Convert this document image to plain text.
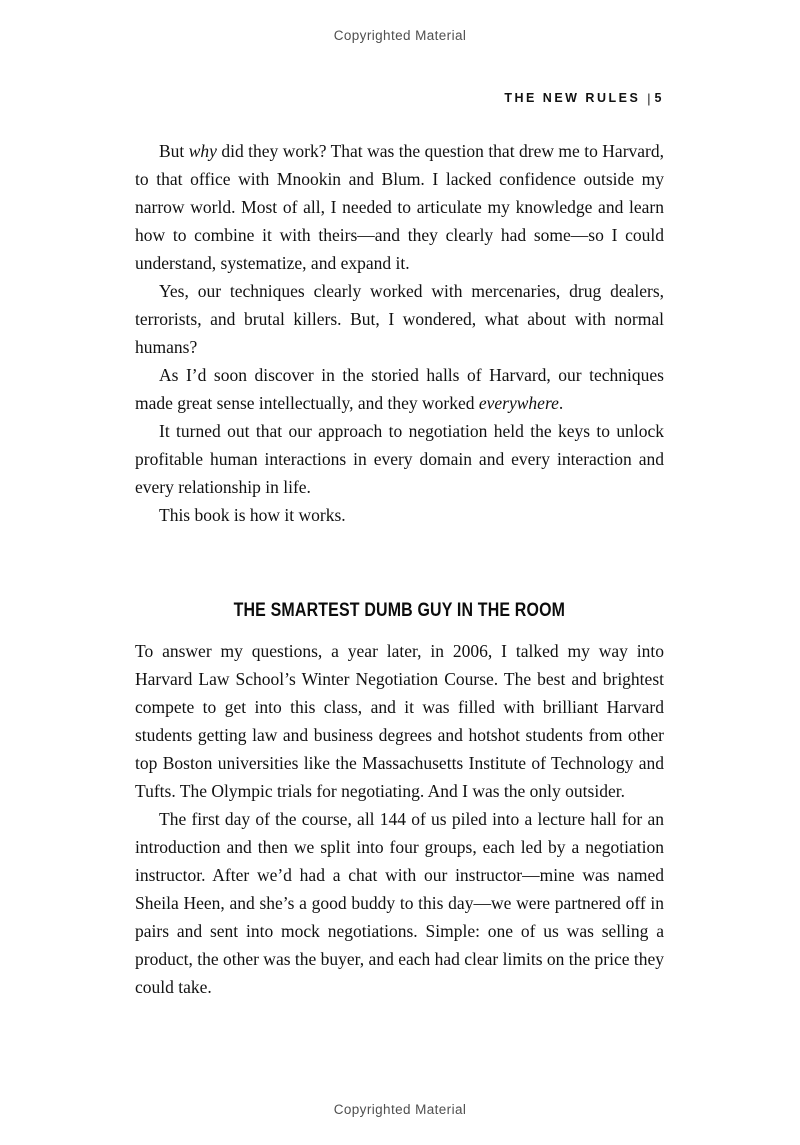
Copyrighted Material
THE NEW RULES | 5

But why did they work? That was the question that drew me to Harvard, to that office with Mnookin and Blum. I lacked confidence outside my narrow world. Most of all, I needed to articulate my knowledge and learn how to combine it with theirs—and they clearly had some—so I could understand, systematize, and expand it.

Yes, our techniques clearly worked with mercenaries, drug dealers, terrorists, and brutal killers. But, I wondered, what about with normal humans?

As I’d soon discover in the storied halls of Harvard, our techniques made great sense intellectually, and they worked everywhere.

It turned out that our approach to negotiation held the keys to unlock profitable human interactions in every domain and every interaction and every relationship in life.

This book is how it works.

THE SMARTEST DUMB GUY IN THE ROOM

To answer my questions, a year later, in 2006, I talked my way into Harvard Law School’s Winter Negotiation Course. The best and brightest compete to get into this class, and it was filled with brilliant Harvard students getting law and business degrees and hotshot students from other top Boston universities like the Massachusetts Institute of Technology and Tufts. The Olympic trials for negotiating. And I was the only outsider.

The first day of the course, all 144 of us piled into a lecture hall for an introduction and then we split into four groups, each led by a negotiation instructor. After we’d had a chat with our instructor—mine was named Sheila Heen, and she’s a good buddy to this day—we were partnered off in pairs and sent into mock negotiations. Simple: one of us was selling a product, the other was the buyer, and each had clear limits on the price they could take.

Copyrighted Material
